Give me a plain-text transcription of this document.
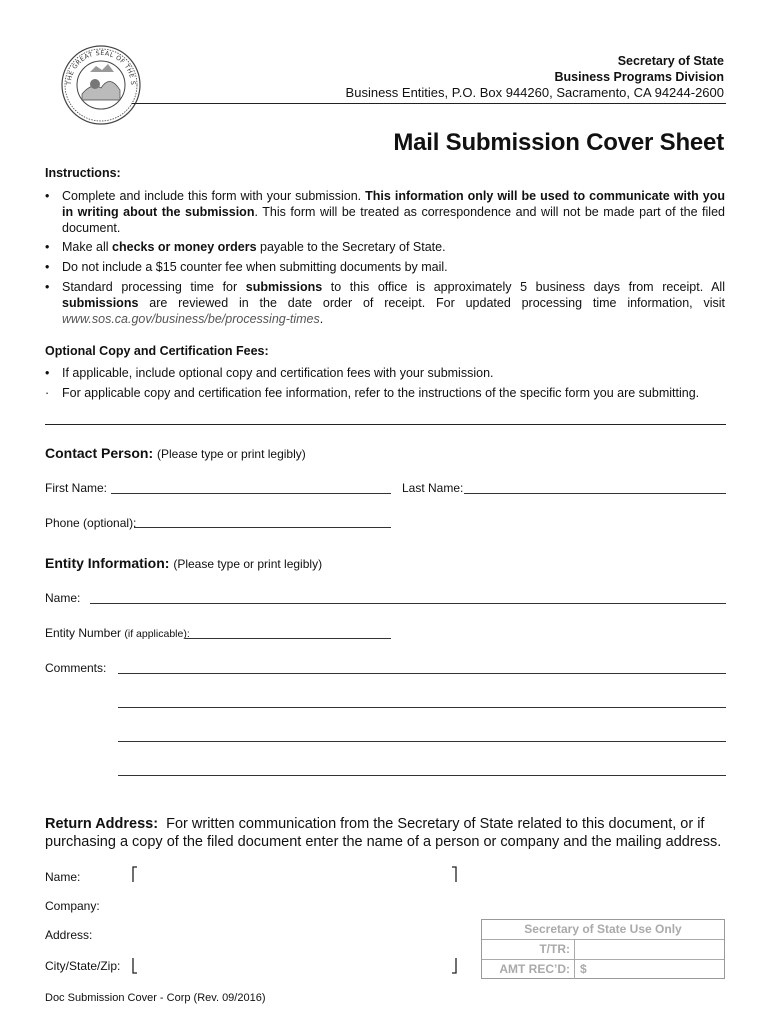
THE GREAT SEAL OF THE S
Secretary of State
Business Programs Division
Business Entities, P.O. Box 944260, Sacramento, CA 94244-2600
Mail Submission Cover Sheet
Instructions:
• Complete and include this form with your submission. This information only will be used to communicate with you in writing about the submission. This form will be treated as correspondence and will not be made part of the filed document.
• Make all checks or money orders payable to the Secretary of State.
• Do not include a $15 counter fee when submitting documents by mail.
• Standard processing time for submissions to this office is approximately 5 business days from receipt. All submissions are reviewed in the date order of receipt. For updated processing time information, visit www.sos.ca.gov/business/be/processing-times.
Optional Copy and Certification Fees:
• If applicable, include optional copy and certification fees with your submission.
· For applicable copy and certification fee information, refer to the instructions of the specific form you are submitting.
Contact Person: (Please type or print legibly)
First Name:	Last Name:
Phone (optional):
Entity Information: (Please type or print legibly)
Name:
Entity Number (if applicable):
Comments:
Return Address: For written communication from the Secretary of State related to this document, or if purchasing a copy of the filed document enter the name of a person or company and the mailing address.
Name:
Company:
Address:
City/State/Zip:
Secretary of State Use Only
T/TR:
AMT REC’D: $
Doc Submission Cover - Corp (Rev. 09/2016)
